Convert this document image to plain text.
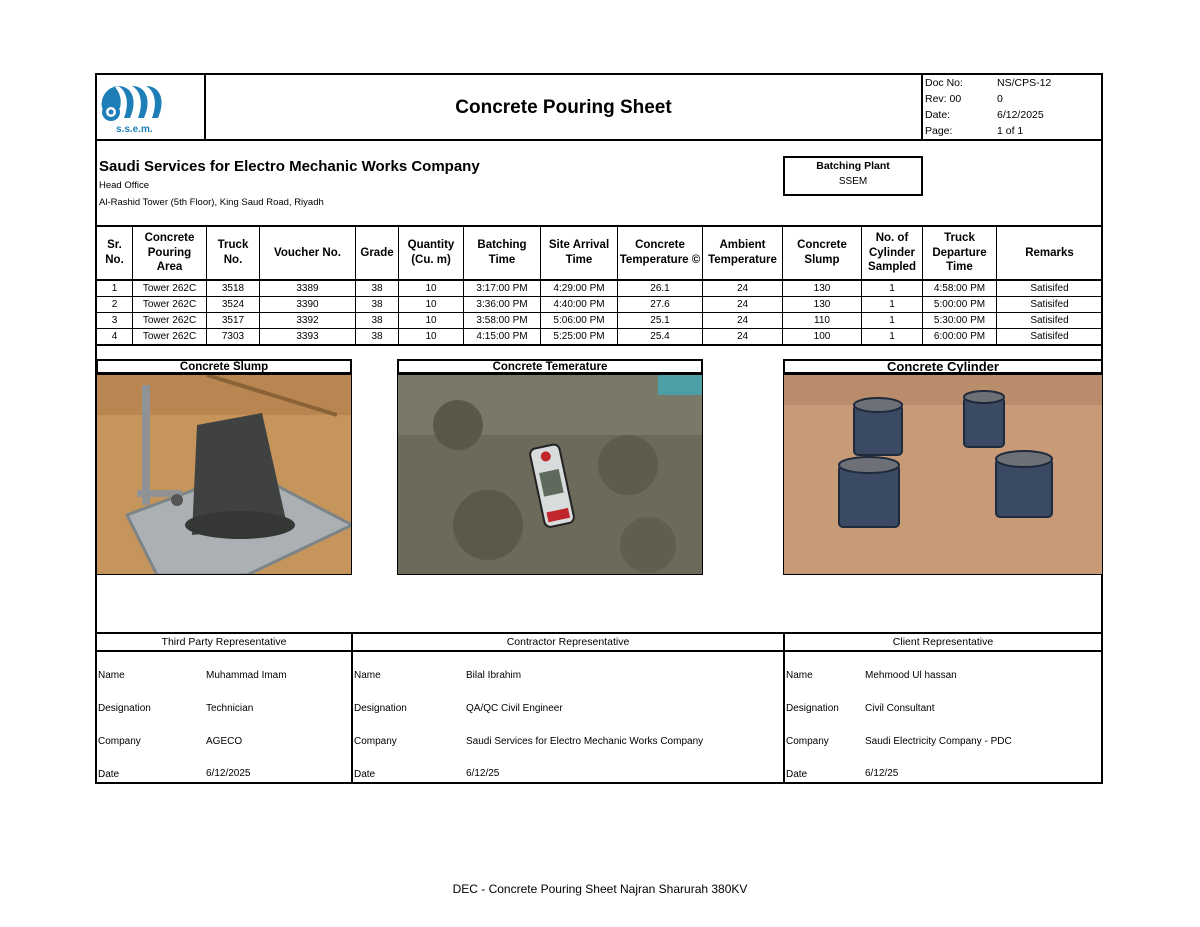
s.s.e.m.
Concrete Pouring Sheet
Doc No:	NS/CPS-12
Rev: 00	0
Date:	6/12/2025
Page:	1 of 1
Saudi Services for Electro Mechanic Works Company
Head Office
Al-Rashid Tower (5th Floor), King Saud Road, Riyadh
Batching Plant
SSEM
Sr. No.	Concrete Pouring Area	Truck No.	Voucher No.	Grade	Quantity (Cu. m)	Batching Time	Site Arrival Time	Concrete Temperature ©	Ambient Temperature	Concrete Slump	No. of Cylinder Sampled	Truck Departure Time	Remarks
1	Tower 262C	3518	3389	38	10	3:17:00 PM	4:29:00 PM	26.1	24	130	1	4:58:00 PM	Satisifed
2	Tower 262C	3524	3390	38	10	3:36:00 PM	4:40:00 PM	27.6	24	130	1	5:00:00 PM	Satisifed
3	Tower 262C	3517	3392	38	10	3:58:00 PM	5:06:00 PM	25.1	24	110	1	5:30:00 PM	Satisifed
4	Tower 262C	7303	3393	38	10	4:15:00 PM	5:25:00 PM	25.4	24	100	1	6:00:00 PM	Satisifed
Concrete Slump	Concrete Temerature	Concrete Cylinder
Third Party Representative	Contractor Representative	Client Representative
Name	Muhammad Imam
Designation	Technician
Company	AGECO
Date	6/12/2025
Name	Bilal Ibrahim
Designation	QA/QC Civil Engineer
Company	Saudi Services for Electro Mechanic Works Company
Date	6/12/25
Name	Mehmood Ul hassan
Designation	Civil Consultant
Company	Saudi Electricity Company - PDC
Date	6/12/25
DEC - Concrete Pouring Sheet Najran Sharurah 380KV
